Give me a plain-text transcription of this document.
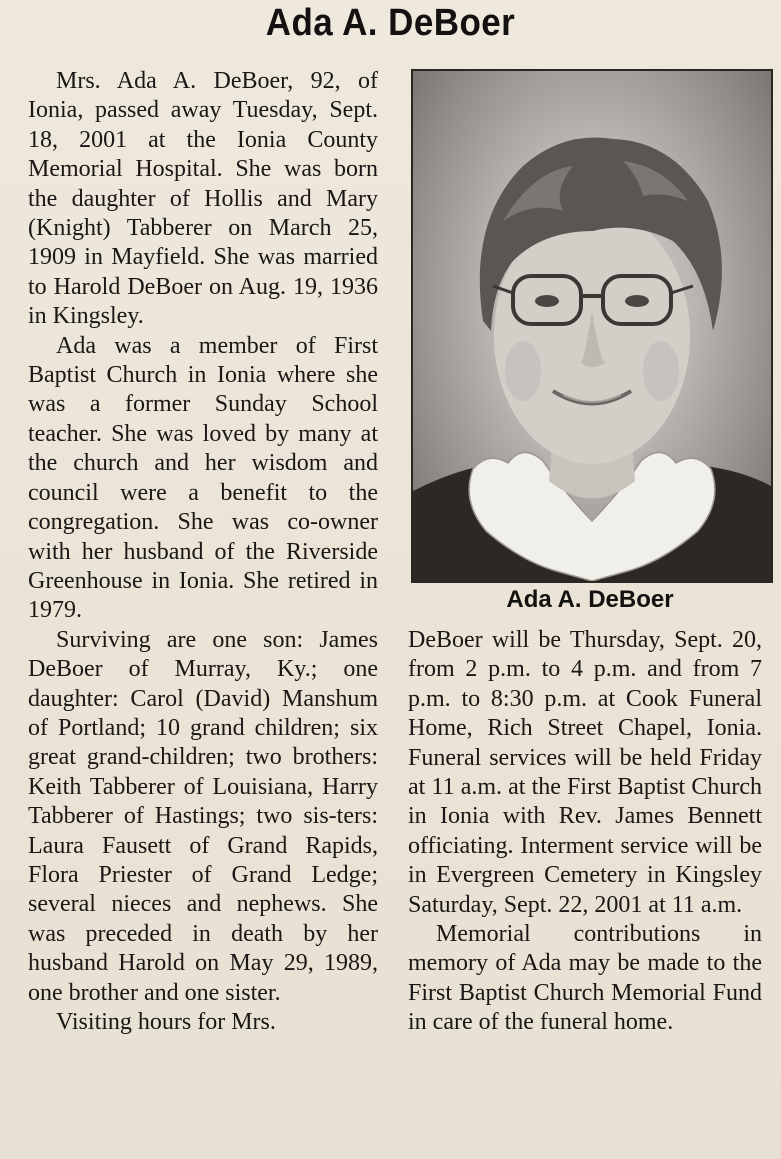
Ada A. DeBoer

Mrs. Ada A. DeBoer, 92, of Ionia, passed away Tuesday, Sept. 18, 2001 at the Ionia County Memorial Hospital. She was born the daughter of Hollis and Mary (Knight) Tabberer on March 25, 1909 in Mayfield. She was married to Harold DeBoer on Aug. 19, 1936 in Kingsley.

Ada was a member of First Baptist Church in Ionia where she was a former Sunday School teacher. She was loved by many at the church and her wisdom and council were a benefit to the congregation. She was co-owner with her husband of the Riverside Greenhouse in Ionia. She retired in 1979.

Surviving are one son: James DeBoer of Murray, Ky.; one daughter: Carol (David) Manshum of Portland; 10 grand children; six great grand-children; two brothers: Keith Tabberer of Louisiana, Harry Tabberer of Hastings; two sis-ters: Laura Fausett of Grand Rapids, Flora Priester of Grand Ledge; several nieces and nephews. She was preceded in death by her husband Harold on May 29, 1989, one brother and one sister.

Visiting hours for Mrs.

Ada A. DeBoer

DeBoer will be Thursday, Sept. 20, from 2 p.m. to 4 p.m. and from 7 p.m. to 8:30 p.m. at Cook Funeral Home, Rich Street Chapel, Ionia. Funeral services will be held Friday at 11 a.m. at the First Baptist Church in Ionia with Rev. James Bennett officiating. Interment service will be in Evergreen Cemetery in Kingsley Saturday, Sept. 22, 2001 at 11 a.m.

Memorial contributions in memory of Ada may be made to the First Baptist Church Memorial Fund in care of the funeral home.
